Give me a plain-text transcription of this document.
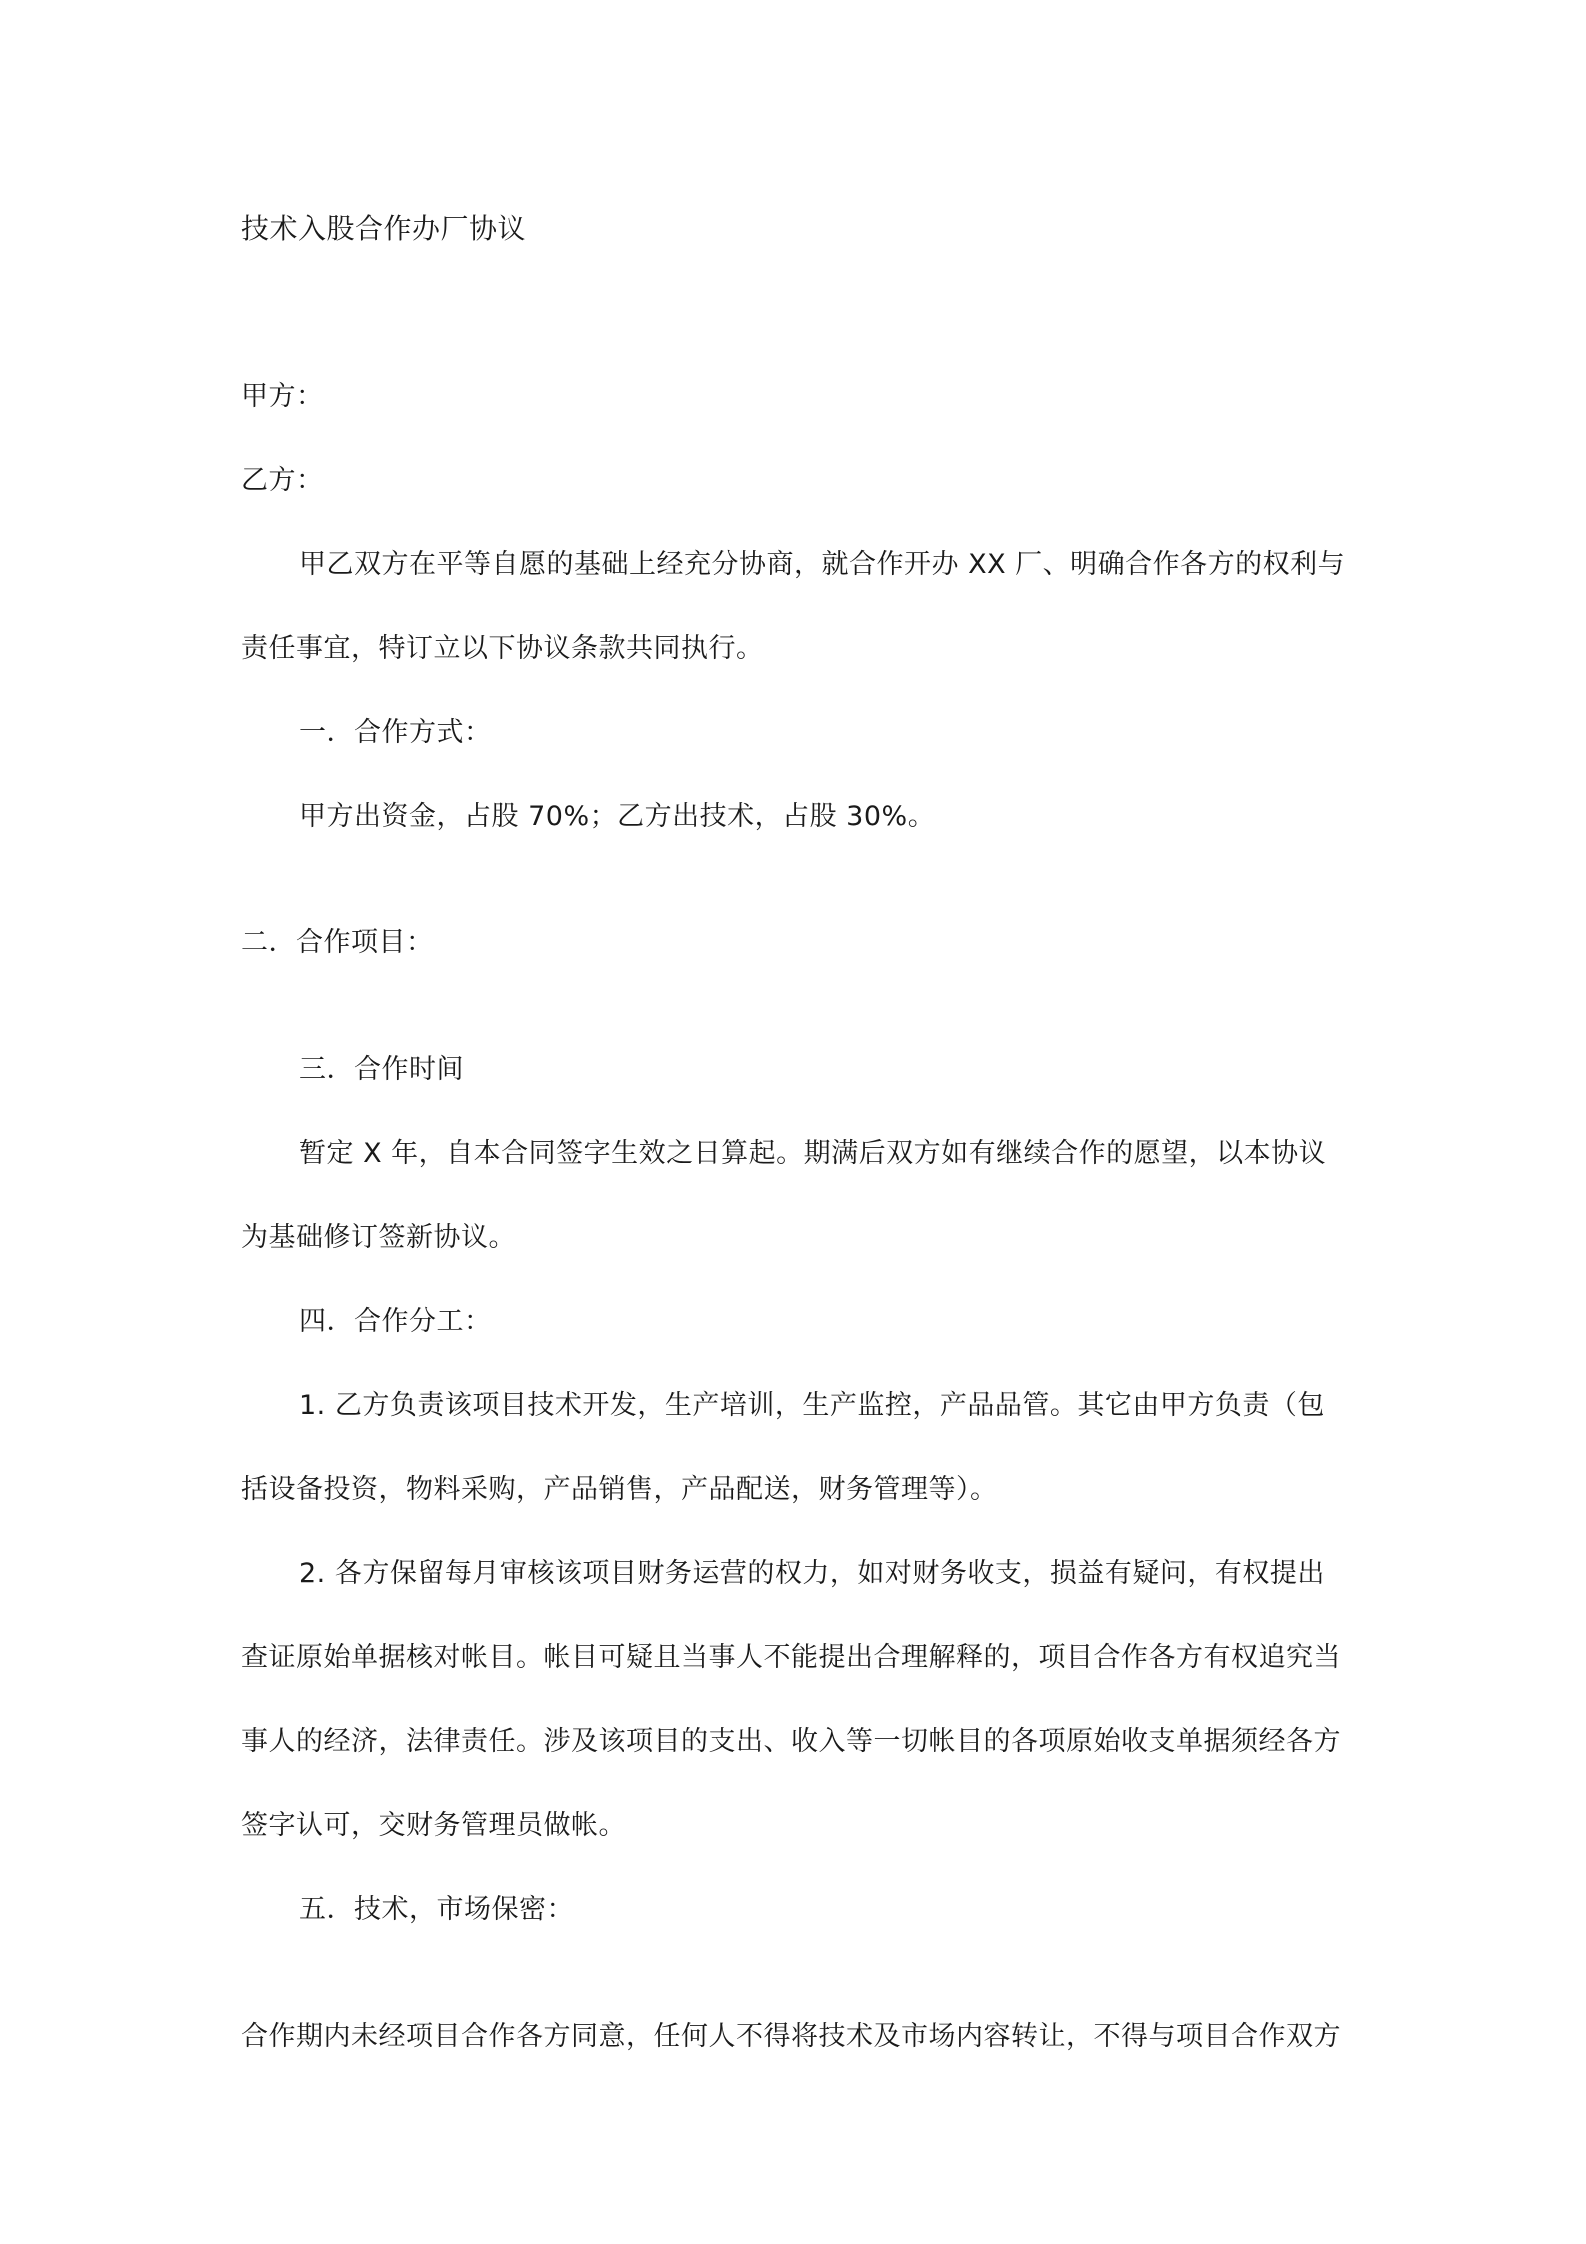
技术入股合作办厂协议
甲方：
乙方：
甲乙双方在平等自愿的基础上经充分协商，就合作开办 XX 厂、明确合作各方的权利与
责任事宜，特订立以下协议条款共同执行。
一．合作方式：
甲方出资金，占股 70%；乙方出技术，占股 30%。
二．合作项目：
三．合作时间
暂定 X 年，自本合同签字生效之日算起。期满后双方如有继续合作的愿望，以本协议
为基础修订签新协议。
四．合作分工：
1. 乙方负责该项目技术开发，生产培训，生产监控，产品品管。其它由甲方负责（包
括设备投资，物料采购，产品销售，产品配送，财务管理等）。
2. 各方保留每月审核该项目财务运营的权力，如对财务收支，损益有疑问，有权提出
查证原始单据核对帐目。帐目可疑且当事人不能提出合理解释的，项目合作各方有权追究当
事人的经济，法律责任。涉及该项目的支出、收入等一切帐目的各项原始收支单据须经各方
签字认可，交财务管理员做帐。
五．技术，市场保密：
合作期内未经项目合作各方同意，任何人不得将技术及市场内容转让，不得与项目合作双方
